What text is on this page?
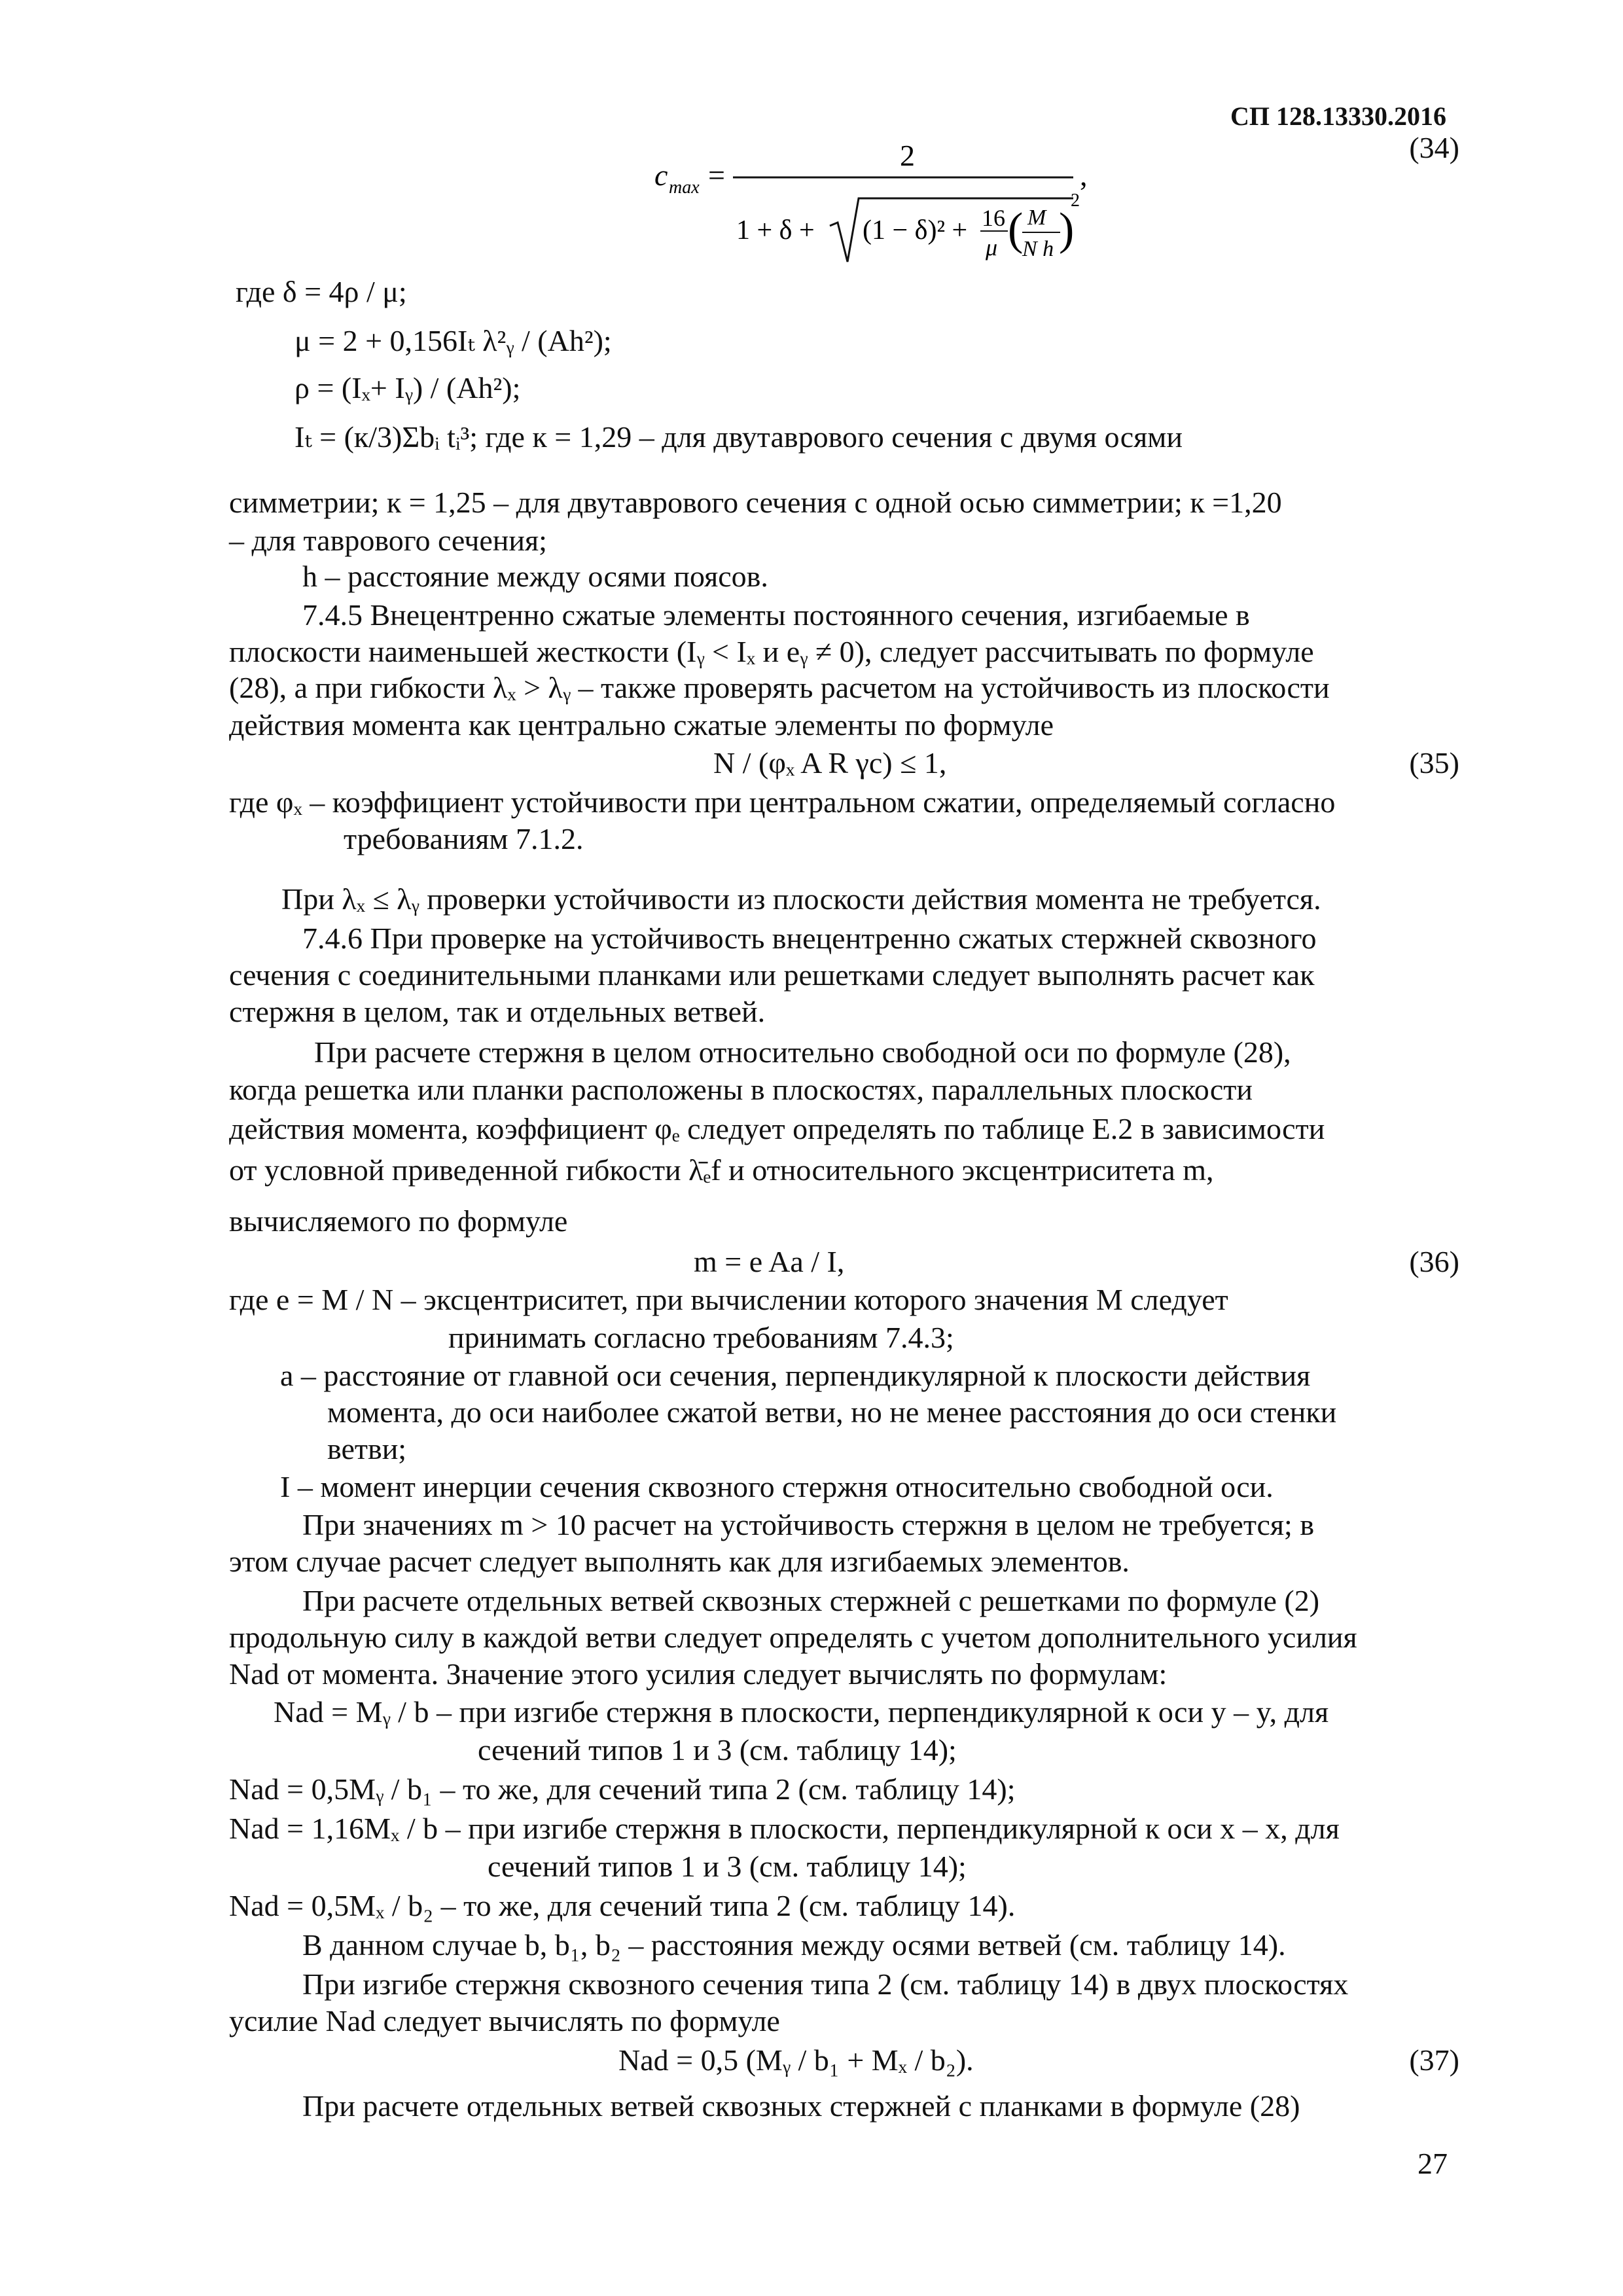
СП 128.13330.2016
c max =
2
,
1 + δ + (1 − δ)² + 16
μ ( M
N h )
2
(34)
где δ = 4ρ / μ;
μ = 2 + 0,156Iₜ λ²ᵧ / (Ah²);
ρ = (Iₓ+ Iᵧ) / (Ah²);
Iₜ = (к/3)Σbᵢ tᵢ³; где к = 1,29 – для двутаврового сечения с двумя осями
симметрии; к = 1,25 – для двутаврового сечения с одной осью симметрии; к =1,20
– для таврового сечения;
h – расстояние между осями поясов.
7.4.5 Внецентренно сжатые элементы постоянного сечения, изгибаемые в
плоскости наименьшей жесткости (Iᵧ < Iₓ и eᵧ ≠ 0), следует рассчитывать по формуле
(28), а при гибкости λₓ > λᵧ – также проверять расчетом на устойчивость из плоскости
действия момента как центрально сжатые элементы по формуле
N / (φₓ A R γc) ≤ 1,	(35)
где φₓ – коэффициент устойчивости при центральном сжатии, определяемый согласно
требованиям 7.1.2.
При λₓ ≤ λᵧ проверки устойчивости из плоскости действия момента не требуется.
7.4.6 При проверке на устойчивость внецентренно сжатых стержней сквозного
сечения с соединительными планками или решетками следует выполнять расчет как
стержня в целом, так и отдельных ветвей.
При расчете стержня в целом относительно свободной оси по формуле (28),
когда решетка или планки расположены в плоскостях, параллельных плоскости
действия момента, коэффициент φₑ следует определять по таблице Е.2 в зависимости
от условной приведенной гибкости λ̄ₑf и относительного эксцентриситета m,
вычисляемого по формуле
m = e Aa / I,	(36)
где e = M / N – эксцентриситет, при вычислении которого значения M следует
принимать согласно требованиям 7.4.3;
a – расстояние от главной оси сечения, перпендикулярной к плоскости действия
момента, до оси наиболее сжатой ветви, но не менее расстояния до оси стенки
ветви;
I – момент инерции сечения сквозного стержня относительно свободной оси.
При значениях m > 10 расчет на устойчивость стержня в целом не требуется; в
этом случае расчет следует выполнять как для изгибаемых элементов.
При расчете отдельных ветвей сквозных стержней с решетками по формуле (2)
продольную силу в каждой ветви следует определять с учетом дополнительного усилия
Nad от момента. Значение этого усилия следует вычислять по формулам:
Nad = Mᵧ / b – при изгибе стержня в плоскости, перпендикулярной к оси y – y, для
сечений типов 1 и 3 (см. таблицу 14);
Nad = 0,5Mᵧ / b₁ – то же, для сечений типа 2 (см. таблицу 14);
Nad = 1,16Mₓ / b – при изгибе стержня в плоскости, перпендикулярной к оси x – x, для
сечений типов 1 и 3 (см. таблицу 14);
Nad = 0,5Mₓ / b₂ – то же, для сечений типа 2 (см. таблицу 14).
В данном случае b, b₁, b₂ – расстояния между осями ветвей (см. таблицу 14).
При изгибе стержня сквозного сечения типа 2 (см. таблицу 14) в двух плоскостях
усилие Nad следует вычислять по формуле
Nad = 0,5 (Mᵧ / b₁ + Mₓ / b₂).	(37)
При расчете отдельных ветвей сквозных стержней с планками в формуле (28)
27
